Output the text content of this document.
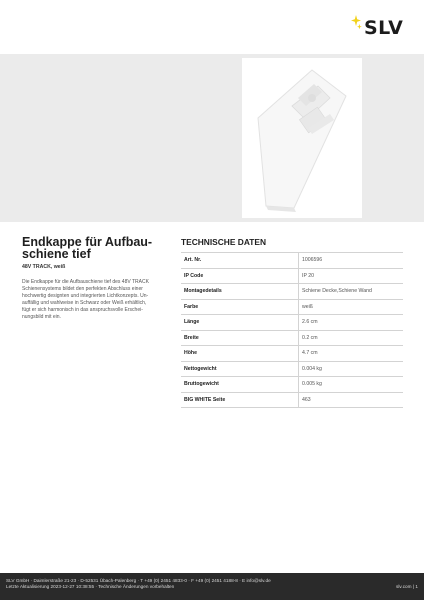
SLV
Endkappe für Aufbau-schiene tief
48V TRACK, weiß
Die Endkappe für die Aufbauschiene tief des 48V TRACK
Schienensystems bildet den perfekten Abschluss einer
hochwertig designten und integrierten Lichtkonzepts. Un-
auffällig und wahlweise in Schwarz oder Weiß erhältlich,
fügt er sich harmonisch in das anspruchsvolle Erschei-
nungsbild mit ein.
TECHNISCHE DATEN
Art. Nr.	1006596
IP Code	IP 20
Montagedetails	Schiene Decke,Schiene Wand
Farbe	weiß
Länge	2.6 cm
Breite	0.2 cm
Höhe	4.7 cm
Nettogewicht	0.004 kg
Bruttogewicht	0.005 kg
BIG WHITE Seite	463
SLV GmbH · Daimlerstraße 21-23 · D-52531 Übach-Palenberg · T +49 (0) 2451 4833-0 · F +49 (0) 2451 4188-8 · E info@slv.de
Letzte Aktualisierung 2023-12-27 10:38:55 · Technische Änderungen vorbehalten	slv.com | 1
